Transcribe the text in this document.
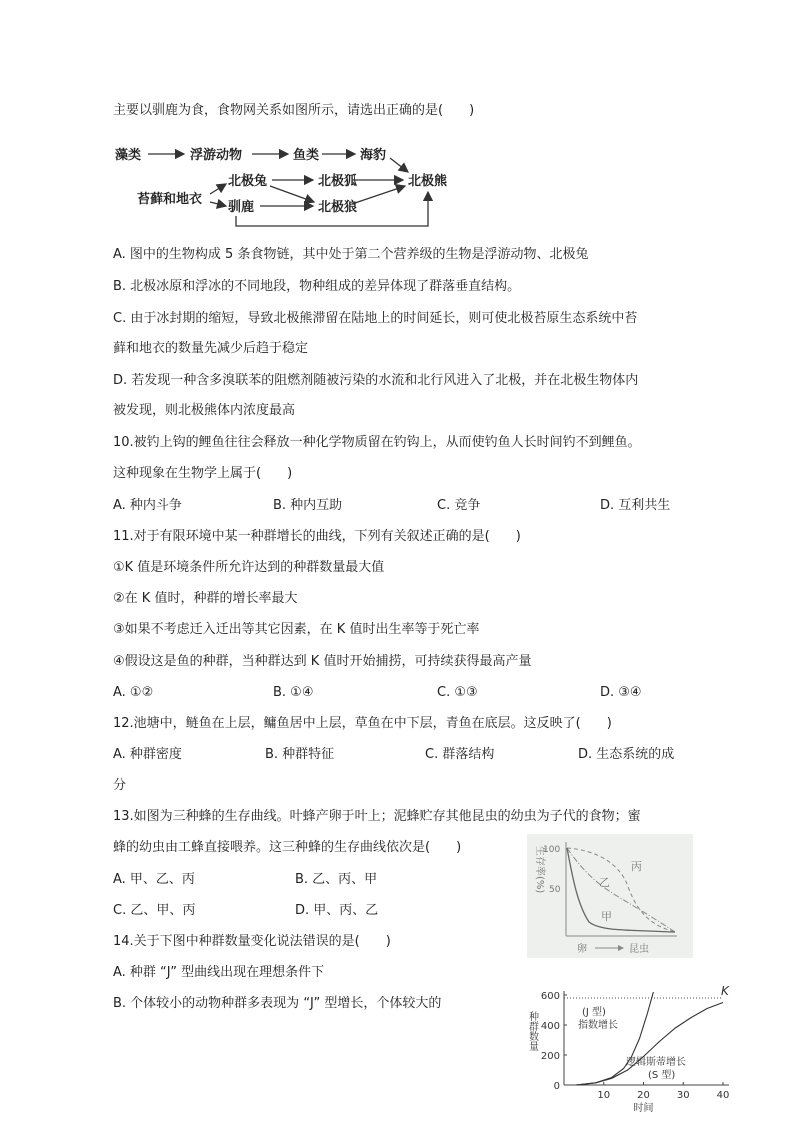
主要以驯鹿为食，食物网关系如图所示，请选出正确的是(　　)
藻类	浮游动物	鱼类	海豹
苔藓和地衣
北极兔	北极狐
驯鹿	北极狼
北极熊
A. 图中的生物构成 5 条食物链，其中处于第二个营养级的生物是浮游动物、北极兔
B. 北极冰原和浮冰的不同地段，物种组成的差异体现了群落垂直结构。
C. 由于冰封期的缩短，导致北极熊滞留在陆地上的时间延长，则可使北极苔原生态系统中苔
藓和地衣的数量先减少后趋于稳定
D. 若发现一种含多溴联苯的阻燃剂随被污染的水流和北行风进入了北极，并在北极生物体内
被发现，则北极熊体内浓度最高
10.被钓上钩的鲤鱼往往会释放一种化学物质留在钓钩上，从而使钓鱼人长时间钓不到鲤鱼。
这种现象在生物学上属于(　　)
A. 种内斗争	B. 种内互助	C. 竞争	D. 互利共生
11.对于有限环境中某一种群增长的曲线，下列有关叙述正确的是(　　)
①K 值是环境条件所允许达到的种群数量最大值
②在 K 值时，种群的增长率最大
③如果不考虑迁入迁出等其它因素，在 K 值时出生率等于死亡率
④假设这是鱼的种群，当种群达到 K 值时开始捕捞，可持续获得最高产量
A. ①②	B. ①④	C. ①③	D. ③④
12.池塘中，鲢鱼在上层，鳙鱼居中上层，草鱼在中下层，青鱼在底层。这反映了(　　)
A. 种群密度	B. 种群特征	C. 群落结构	D. 生态系统的成
分
13.如图为三种蜂的生存曲线。叶蜂产卵于叶上；泥蜂贮存其他昆虫的幼虫为子代的食物；蜜
蜂的幼虫由工蜂直接喂养。这三种蜂的生存曲线依次是(　　)
A. 甲、乙、丙	B. 乙、丙、甲
C. 乙、甲、丙	D. 甲、丙、乙
生存率(%)
100
50
丙
乙
甲
卵	昆虫
14.关于下图中种群数量变化说法错误的是(　　)
A. 种群 “J” 型曲线出现在理想条件下
B. 个体较小的动物种群多表现为 “J” 型增长，个体较大的
K
0
200
400
600
10	20	30	40
时间
种群数量	(J 型)
指数增长
逻辑斯蒂增长
(S 型)
